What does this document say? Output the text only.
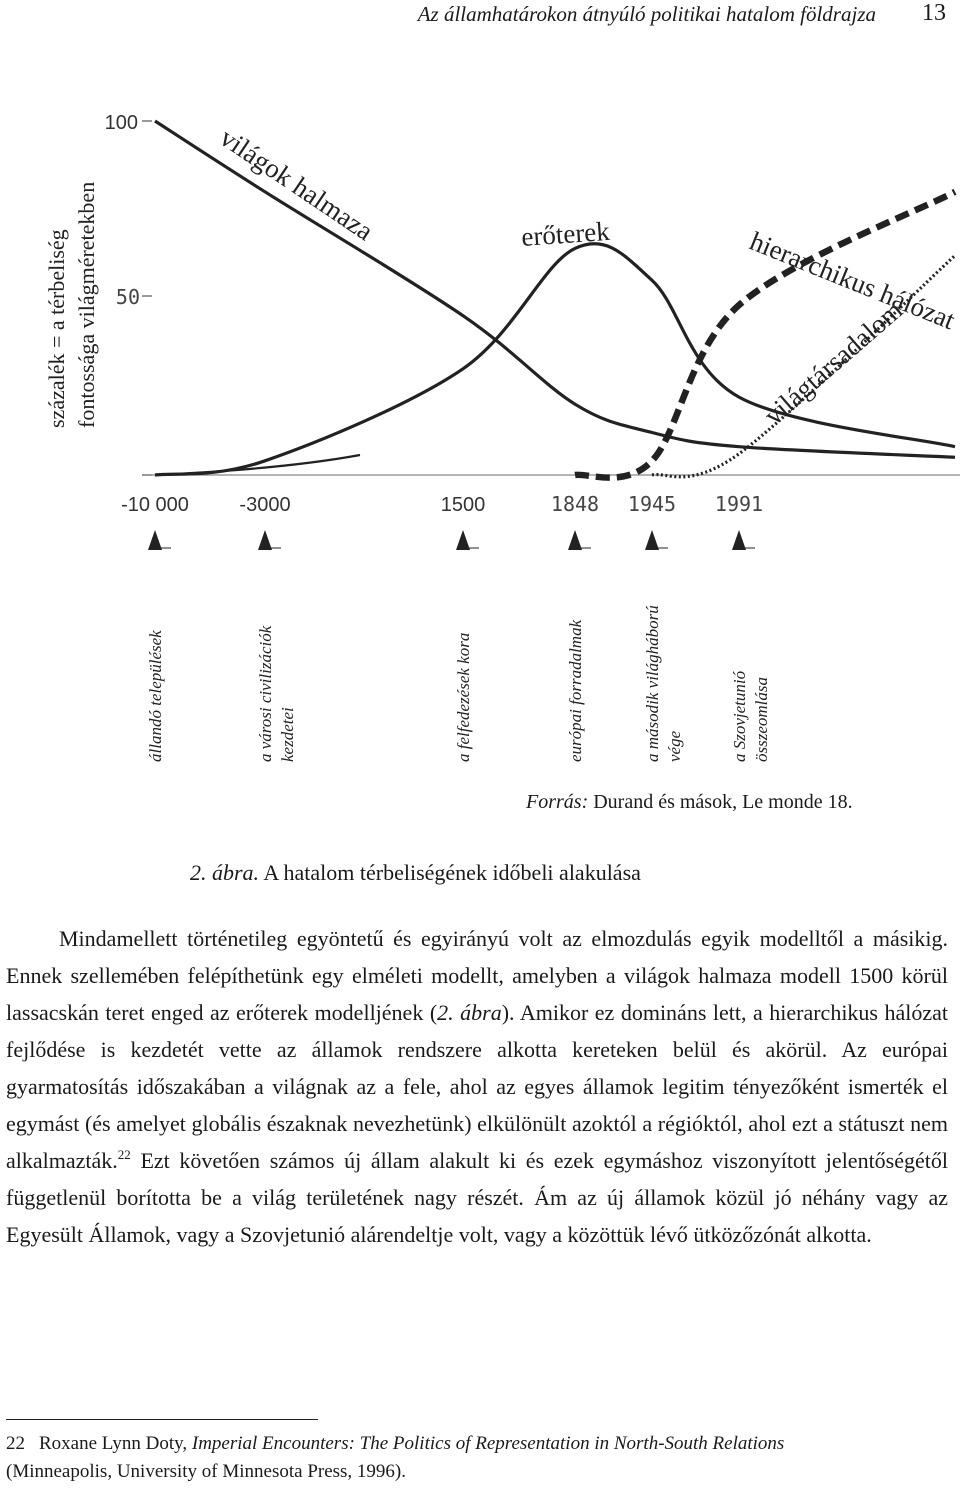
Az államhatárokon átnyúló politikai hatalom földrajza 13
százalék = a térbeliség fontossága világméretekben
100
50
világok halmaza	erőterek	hierarchikus hálózat
világtársadalom
-10 000	-3000	1500	1848 1945 1991
állandó települések	a városi civilizációk kezdetei	a felfedezések kora	európai forradalmak	a második világháború vége	a Szovjetunió összeomlása
Forrás: Durand és mások, Le monde 18.
2. ábra. A hatalom térbeliségének időbeli alakulása

Mindamellett történetileg egyöntetű és egyirányú volt az elmozdulás egyik modelltől a másikig. Ennek szellemében felépíthetünk egy elméleti modellt, amelyben a világok halmaza modell 1500 körül lassacskán teret enged az erőterek modelljének (2. ábra). Amikor ez domináns lett, a hierarchikus hálózat fejlődése is kezdetét vette az államok rendszere alkotta kereteken belül és akörül. Az európai gyarmatosítás időszakában a világnak az a fele, ahol az egyes államok legitim tényezőként ismerték el egymást (és amelyet globális északnak nevezhetünk) elkülönült azoktól a régióktól, ahol ezt a státuszt nem alkalmazták.$^{22}$ Ezt követően számos új állam alakult ki és ezek egymáshoz viszonyított jelentőségétől függetlenül borította be a világ területének nagy részét. Ám az új államok közül jó néhány vagy az Egyesült Államok, vagy a Szovjetunió alárendeltje volt, vagy a közöttük lévő ütközőzónát alkotta.

22 Roxane Lynn Doty, Imperial Encounters: The Politics of Representation in North-South Relations
(Minneapolis, University of Minnesota Press, 1996).
